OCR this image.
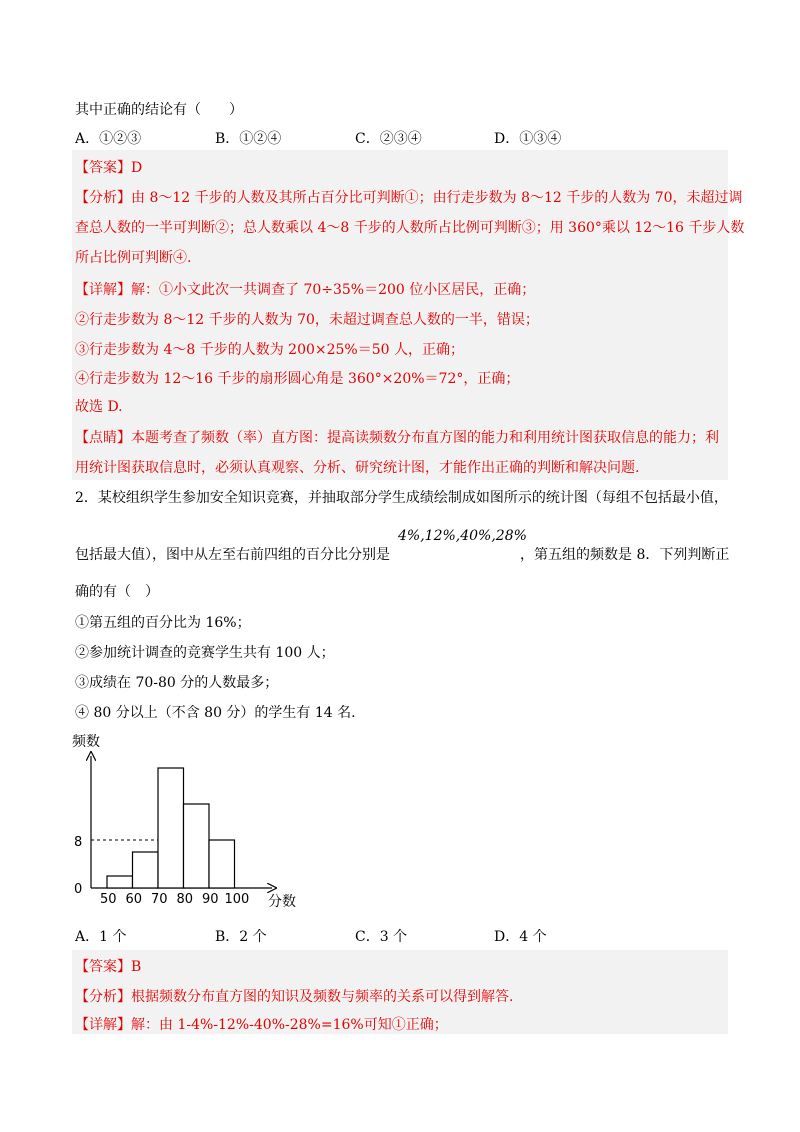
其中正确的结论有（　　）
A．①②③	B．①②④	C．②③④	D．①③④
【答案】D
【分析】由 8～12 千步的人数及其所占百分比可判断①；由行走步数为 8～12 千步的人数为 70，未超过调
查总人数的一半可判断②；总人数乘以 4～8 千步的人数所占比例可判断③；用 360°乘以 12～16 千步人数
所占比例可判断④.
【详解】解：①小文此次一共调查了 70÷35%＝200 位小区居民，正确；
②行走步数为 8～12 千步的人数为 70，未超过调查总人数的一半，错误；
③行走步数为 4～8 千步的人数为 200×25%＝50 人，正确；
④行走步数为 12～16 千步的扇形圆心角是 360°×20%＝72°，正确；
故选 D.
【点睛】本题考查了频数（率）直方图：提高读频数分布直方图的能力和利用统计图获取信息的能力；利
用统计图获取信息时，必须认真观察、分析、研究统计图，才能作出正确的判断和解决问题.
2．某校组织学生参加安全知识竞赛，并抽取部分学生成绩绘制成如图所示的统计图（每组不包括最小值，
包括最大值），图中从左至右前四组的百分比分别是
4%,12%,40%,28%
，第五组的频数是 8．下列判断正
确的有（　）
①第五组的百分比为 16%；
②参加统计调查的竞赛学生共有 100 人；
③成绩在 70-80 分的人数最多；
④ 80 分以上（不含 80 分）的学生有 14 名.
频数
分数
0
8
50 60 70 80 90 100
A．1 个	B．2 个	C．3 个	D．4 个
【答案】B
【分析】根据频数分布直方图的知识及频数与频率的关系可以得到解答.
【详解】解：由 1-4%-12%-40%-28%=16%可知①正确；
